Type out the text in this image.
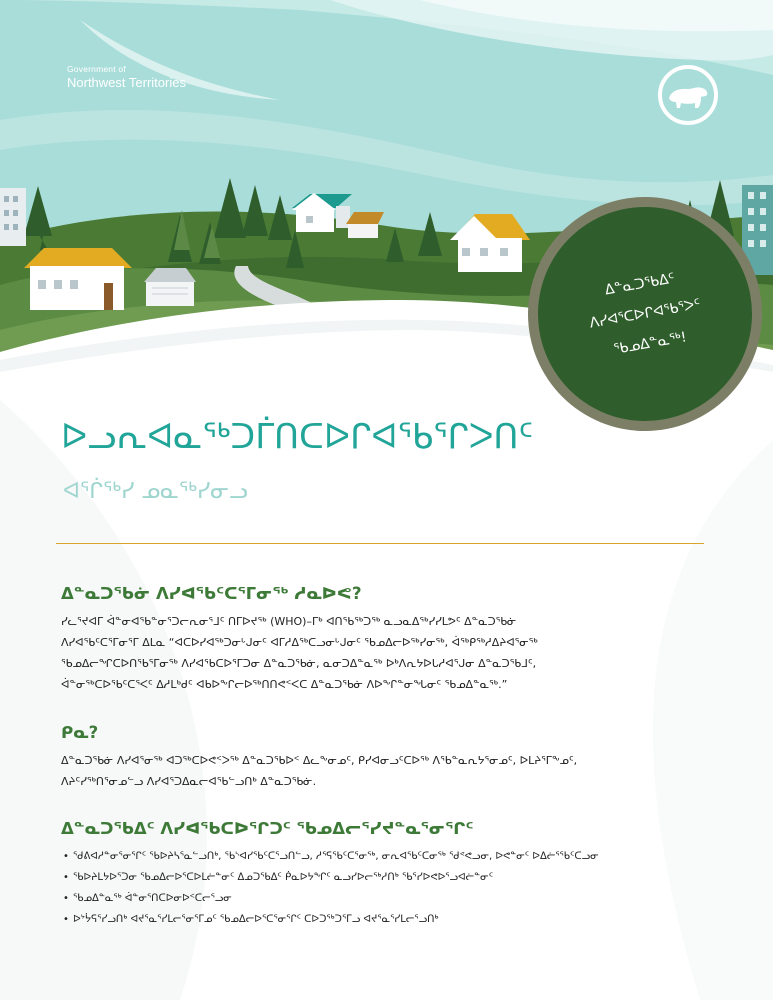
Government of
Northwest Territories
ᐃᓐᓇᑐᖃᐃᑦ
ᐱᓯᐊᕐᑕᐅᒋᐊᖃᕐᐳᑦ
ᖃᓄᐃᓐᓇᖅ!
ᐅᓗᕆᐊᓇᖅᑐᒦᑎᑕᐅᒋᐊᖃᕐᒋᐳᑎᑦ
ᐊᕐᒌᖅᓯ ᓄᓇᖅᓯᓂᓗ
ᐃᓐᓇᑐᖃᓃ ᐱᓯᐊᖃᑦᑕᕐᒥᓂᖅ ᓱᓇᐅᕙ?
ᓯᓚᕐᔪᐊᒥ ᐋᓐᓂᐊᖃᓐᓂᕐᑐᓕᕆᓂᕐᒧᑦ ᑎᒥᐅᔪᖅ (WHO)–ᒥᒃ ᐊᑎᖃᖅᑐᖅ ᓇᓗᓇᐃᖅᓯᓯᒪᕗᑦ ᐃᓐᓇᑐᖃᓃ
ᐱᓯᐊᖃᑦᑕᕐᒥᓂᕐᒥ ᐃᒪᓇ “ᐊᑕᐅᓯᐊᖅᑐᓂᒡᒍᓂᑦ ᐊᒥᓱᐃᖅᑕᓗᓂᒡᒍᓂᑦ ᖃᓄᐃᓕᐅᖅᓯᓂᖅ, ᐋᖅᑭᖅᓱᐃᔨᐊᕐᓂᖅ
ᖃᓄᐃᓕᖏᑕᐅᑎᖃᕐᒥᓂᖅ ᐱᓯᐊᖃᑕᐅᕐᒥᑐᓂ ᐃᓐᓇᑐᖃᓃ, ᓇᓂᑐᐃᓐᓇᖅ ᐅᒃᐱᕆᔭᐅᒐᓱᐊᕐᒍᓂ ᐃᓐᓇᑐᖃᒧᑦ,
ᐋᓐᓂᖅᑕᐅᖃᑦᑕᕐᐸᑦ ᐃᓱᒪᒃᑯᑦ ᐊᑲᐅᖕᒋᓕᐅᖅᑎᑎᕙᑉᐸᑕ ᐃᓐᓇᑐᖃᓃ ᐱᐅᖕᒋᓐᓂᖓᓂᑦ ᖃᓄᐃᓐᓇᖅ.”
ᑭᓇ?
ᐃᓐᓇᑐᖃᓃ ᐱᓯᐊᕐᓂᖅ ᐊᑐᖅᑕᐅᕙᑉᐳᖅ ᐃᓐᓇᑐᖃᐅᑉ ᐃᓚᖕᓂᓄᑦ, ᑭᓯᐊᓂᓗᑦᑕᐅᖅ ᐱᖃᓐᓇᕆᔭᕐᓂᓄᑦ, ᐅᒪᔨᕐᒥᖕᓄᑦ,
ᐱᔨᑦᓯᖅᑎᕐᓂᓄᓪᓗ ᐱᓯᐊᕐᑐᐃᓇᓕᐊᖃᓪᓗᑎᒃ ᐃᓐᓇᑐᖃᓃ.
ᐃᓐᓇᑐᖃᐃᑦ ᐱᓯᐊᖃᑕᐅᕐᒋᑐᑦ ᖃᓄᐃᓕᕐᓯᔪᓐᓇᕐᓂᕐᒋᑦ
• ᖁᕕᐊᓱᓐᓂᕐᓂᕐᒋᑦ ᖃᐅᔨᓴᕐᓇᓪᓗᑎᒃ, ᖃᔅᐊᓯᖃᑦᑕᕐᓗᑎᓪᓗ, ᓱᕐᕋᖃᑦᑕᕐᓂᖅ, ᓂᕆᐊᖃᑦᑕᓂᖅ ᖁᕝᕙᓗᓂ, ᐅᕙᓐᓂᑦ ᐅᐃᓖᕐᖃᑦᑕᓗᓂ
• ᖃᐅᔨᒪᔭᐅᕐᑐᓂ ᖃᓄᐃᓕᐅᕐᑕᐅᒪᓖᓐᓂᑦ ᐃᓄᑐᖃᐃᑦ ᑮᓇᐅᔭᖏᑦ ᓇᓗᓯᐅᓕᖅᓱᑎᒃ ᖃᕐᓯᐅᕙᐅᕐᓗᐊᓖᓐᓂᑦ
• ᖃᓄᐃᓐᓇᖅ ᐋᓐᓂᕐᑎᑕᐅᓂᐅᑉᑕᓕᕐᓗᓂ
• ᐅᔾᔮᕋᕐᓯᓗᑎᒃ ᐊᔪᕐᓇᕐᓯᒪᓕᕐᓂᕐᒥᓄᑦ ᖃᓄᐃᓕᐅᕐᑕᕐᓂᕐᒋᑦ ᑕᐅᑐᖅᑐᕐᒥᓗ ᐊᔪᕐᓇᕐᓯᒪᓕᕐᓗᑎᒃ
